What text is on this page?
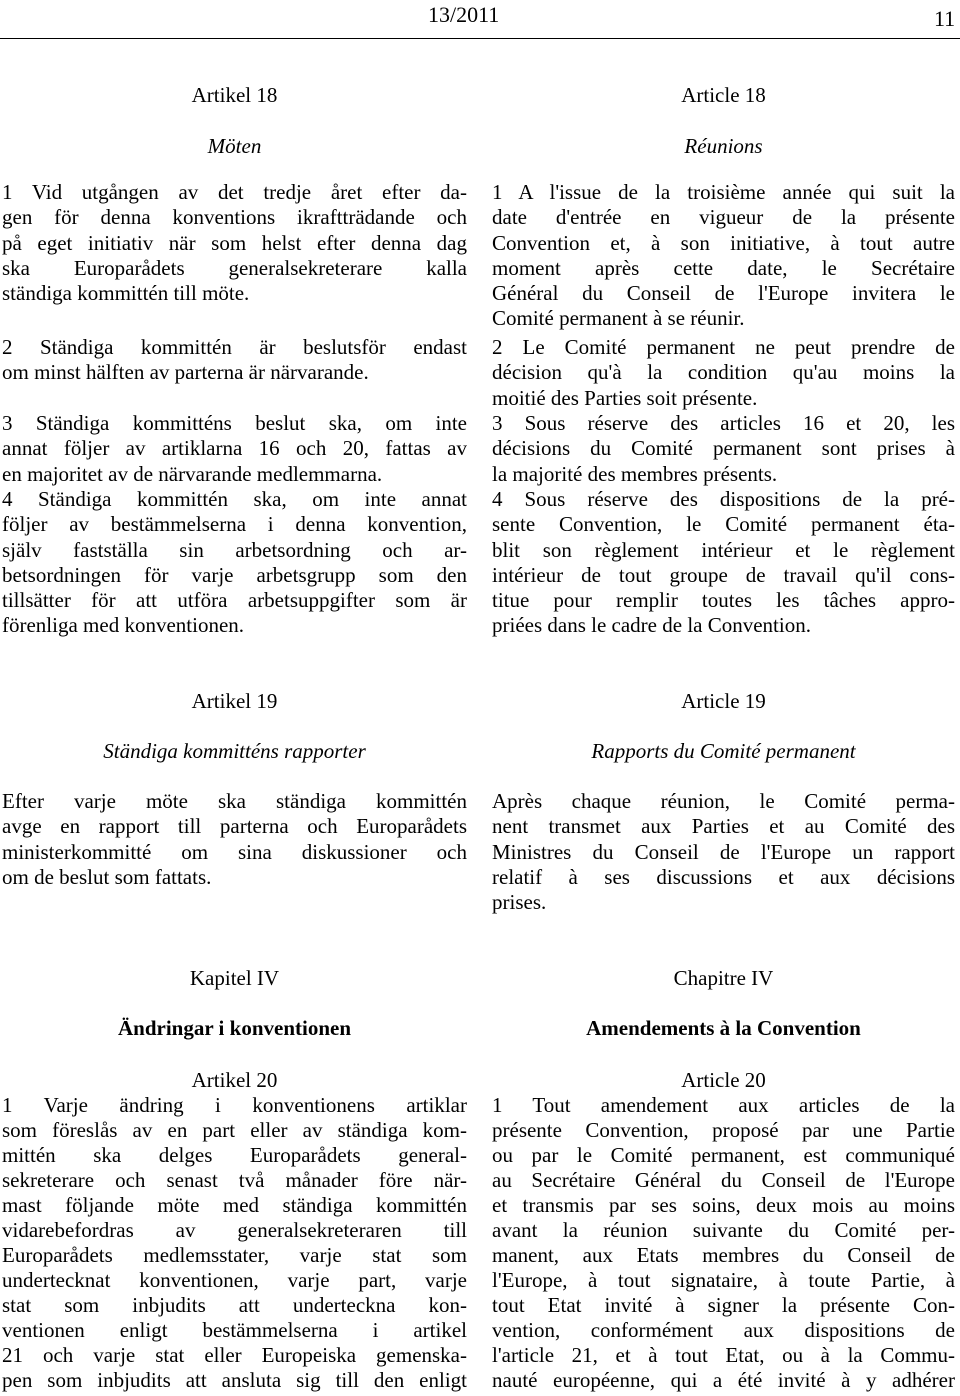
13/2011	11
Artikel 18
Möten
1 Vid utgången av det tredje året efter da-
gen för denna konventions ikraftträdande och
på eget initiativ när som helst efter denna dag
ska Europarådets generalsekreterare kalla
ständiga kommittén till möte.
2 Ständiga kommittén är beslutsför endast
om minst hälften av parterna är närvarande.
3 Ständiga kommitténs beslut ska, om inte
annat följer av artiklarna 16 och 20, fattas av
en majoritet av de närvarande medlemmarna.
4 Ständiga kommittén ska, om inte annat
följer av bestämmelserna i denna konvention,
själv fastställa sin arbetsordning och ar-
betsordningen för varje arbetsgrupp som den
tillsätter för att utföra arbetsuppgifter som är
förenliga med konventionen.
Artikel 19
Ständiga kommitténs rapporter
Efter varje möte ska ständiga kommittén
avge en rapport till parterna och Europarådets
ministerkommitté om sina diskussioner och
om de beslut som fattats.
Kapitel IV
Ändringar i konventionen
Artikel 20
1 Varje ändring i konventionens artiklar
som föreslås av en part eller av ständiga kom-
mittén ska delges Europarådets general-
sekreterare och senast två månader före när-
mast följande möte med ständiga kommittén
vidarebefordras av generalsekreteraren till
Europarådets medlemsstater, varje stat som
undertecknat konventionen, varje part, varje
stat som inbjudits att underteckna kon-
ventionen enligt bestämmelserna i artikel
21 och varje stat eller Europeiska gemenska-
pen som inbjudits att ansluta sig till den enligt
Article 18
Réunions
1 A l'issue de la troisième année qui suit la
date d'entrée en vigueur de la présente
Convention et, à son initiative, à tout autre
moment après cette date, le Secrétaire
Général du Conseil de l'Europe invitera le
Comité permanent à se réunir.
2 Le Comité permanent ne peut prendre de
décision qu'à la condition qu'au moins la
moitié des Parties soit présente.
3 Sous réserve des articles 16 et 20, les
décisions du Comité permanent sont prises à
la majorité des membres présents.
4 Sous réserve des dispositions de la pré-
sente Convention, le Comité permanent éta-
blit son règlement intérieur et le règlement
intérieur de tout groupe de travail qu'il cons-
titue pour remplir toutes les tâches appro-
priées dans le cadre de la Convention.
Article 19
Rapports du Comité permanent
Après chaque réunion, le Comité perma-
nent transmet aux Parties et au Comité des
Ministres du Conseil de l'Europe un rapport
relatif à ses discussions et aux décisions
prises.
Chapitre IV
Amendements à la Convention
Article 20
1 Tout amendement aux articles de la
présente Convention, proposé par une Partie
ou par le Comité permanent, est communiqué
au Secrétaire Général du Conseil de l'Europe
et transmis par ses soins, deux mois au moins
avant la réunion suivante du Comité per-
manent, aux Etats membres du Conseil de
l'Europe, à tout signataire, à toute Partie, à
tout Etat invité à signer la présente Con-
vention, conformément aux dispositions de
l'article 21, et à tout Etat, ou à la Commu-
nauté européenne, qui a été invité à y adhérer
